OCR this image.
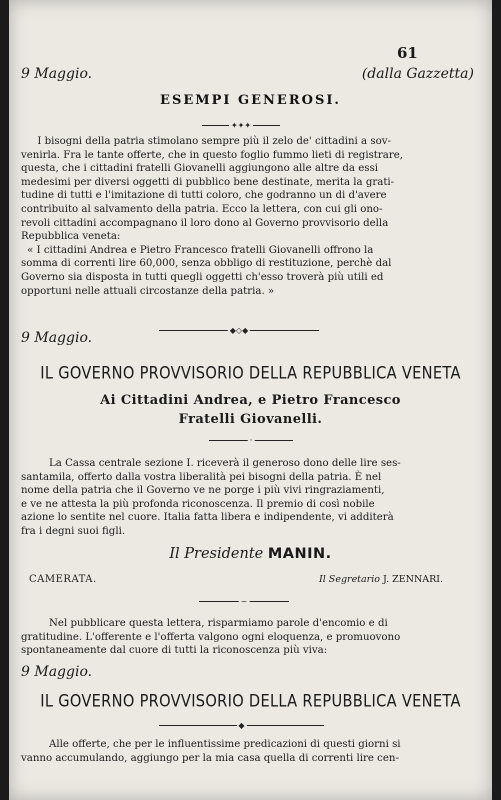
61
9 Maggio.	(dalla Gazzetta)
ESEMPI GENEROSI.
✦✦✦

I bisogni della patria stimolano sempre più il zelo de' cittadini a sov-

venirla. Fra le tante offerte, che in questo foglio fummo lieti di registrare,
questa, che i cittadini fratelli Giovanelli aggiungono alle altre da essi
medesimi per diversi oggetti di pubblico bene destinate, merita la grati-
tudine di tutti e l'imitazione di tutti coloro, che godranno un di d'avere
contribuito al salvamento della patria. Ecco la lettera, con cui gli ono-
revoli cittadini accompagnano il loro dono al Governo provvisorio della
Repubblica veneta:

« I cittadini Andrea e Pietro Francesco fratelli Giovanelli offrono la

somma di correnti lire 60,000, senza obbligo di restituzione, perchè dal
Governo sia disposta in tutti quegli oggetti ch'esso troverà più utili ed
opportuni nelle attuali circostanze della patria. »
◆◇◆
9 Maggio.
IL GOVERNO PROVVISORIO DELLA REPUBBLICA VENETA
Ai Cittadini Andrea, e Pietro Francesco
Fratelli Giovanelli.
·
La Cassa centrale sezione I. riceverà il generoso dono delle lire ses-
santamila, offerto dalla vostra liberalità pei bisogni della patria. È nel
nome della patria che il Governo ve ne porge i più vivi ringraziamenti,
e ve ne attesta la più profonda riconoscenza. Il premio di così nobile
azione lo sentite nel cuore. Italia fatta libera e indipendente, vi additerà
fra i degni suoi figli.
Il Presidente MANIN.
CAMERATA.	Il Segretario J. ZENNARI.
~
Nel pubblicare questa lettera, risparmiamo parole d'encomio e di
gratitudine. L'offerente e l'offerta valgono ogni eloquenza, e promuovono
spontaneamente dal cuore di tutti la riconoscenza più viva:
9 Maggio.
IL GOVERNO PROVVISORIO DELLA REPUBBLICA VENETA
◆
Alle offerte, che per le influentissime predicazioni di questi giorni si
vanno accumulando, aggiungo per la mia casa quella di correnti lire cen-
